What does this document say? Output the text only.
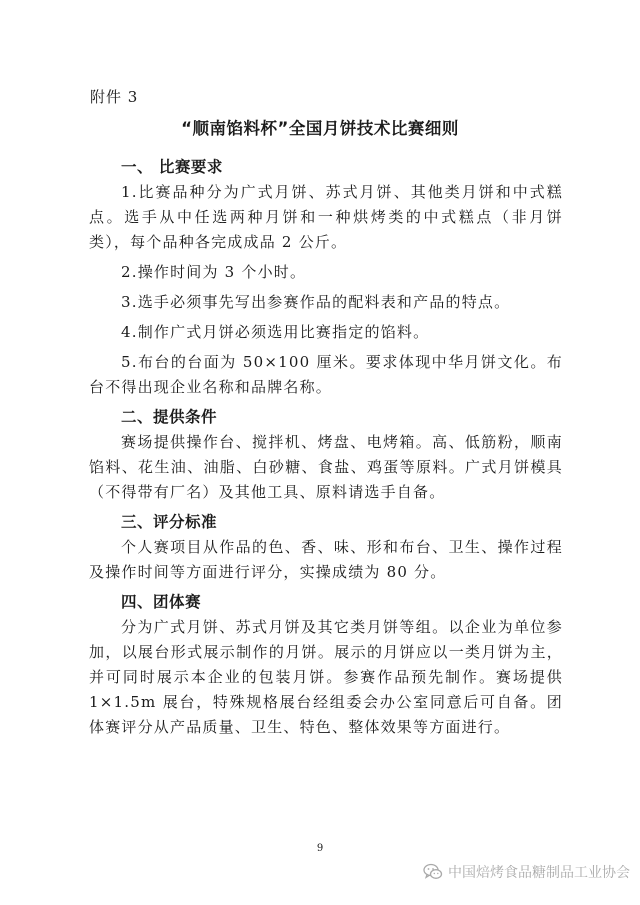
附件 3
“顺南馅料杯”全国月饼技术比赛细则
一、 比赛要求
1.比赛品种分为广式月饼、苏式月饼、其他类月饼和中式糕点。选手从中任选两种月饼和一种烘烤类的中式糕点（非月饼类），每个品种各完成成品 2 公斤。
2.操作时间为 3 个小时。
3.选手必须事先写出参赛作品的配料表和产品的特点。
4.制作广式月饼必须选用比赛指定的馅料。
5.布台的台面为 50×100 厘米。要求体现中华月饼文化。布台不得出现企业名称和品牌名称。
二、提供条件
赛场提供操作台、搅拌机、烤盘、电烤箱。高、低筋粉，顺南馅料、花生油、油脂、白砂糖、食盐、鸡蛋等原料。广式月饼模具（不得带有厂名）及其他工具、原料请选手自备。
三、评分标准
个人赛项目从作品的色、香、味、形和布台、卫生、操作过程及操作时间等方面进行评分，实操成绩为 80 分。
四、团体赛
分为广式月饼、苏式月饼及其它类月饼等组。以企业为单位参加，以展台形式展示制作的月饼。展示的月饼应以一类月饼为主，并可同时展示本企业的包装月饼。参赛作品预先制作。赛场提供 1×1.5m 展台，特殊规格展台经组委会办公室同意后可自备。团体赛评分从产品质量、卫生、特色、整体效果等方面进行。
9
中国焙烤食品糖制品工业协会
